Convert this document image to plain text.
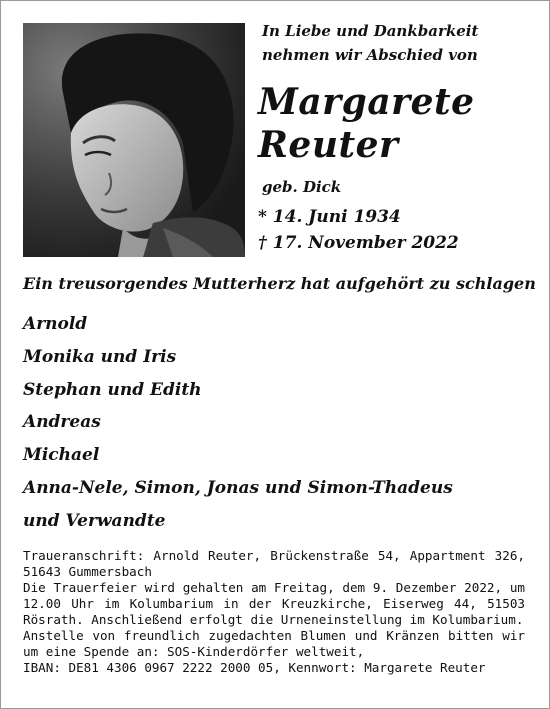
In Liebe und Dankbarkeit
nehmen wir Abschied von
Margarete
Reuter
geb. Dick
* 14. Juni 1934
† 17. November 2022
Ein treusorgendes Mutterherz hat aufgehört zu schlagen
Arnold
Monika und Iris
Stephan und Edith
Andreas
Michael
Anna-Nele, Simon, Jonas und Simon-Thadeus
und Verwandte

Traueranschrift: Arnold Reuter, Brückenstraße 54, Appartment 326, 51643 Gummersbach

Die Trauerfeier wird gehalten am Freitag, dem 9. Dezember 2022, um 12.00 Uhr im Kolumbarium in der Kreuzkirche, Eiserweg 44, 51503 Rösrath. Anschließend erfolgt die Urneneinstellung im Kolumbarium.

Anstelle von freundlich zugedachten Blumen und Kränzen bitten wir um eine Spende an: SOS-Kinderdörfer weltweit,

IBAN: DE81 4306 0967 2222 2000 05, Kennwort: Margarete Reuter
